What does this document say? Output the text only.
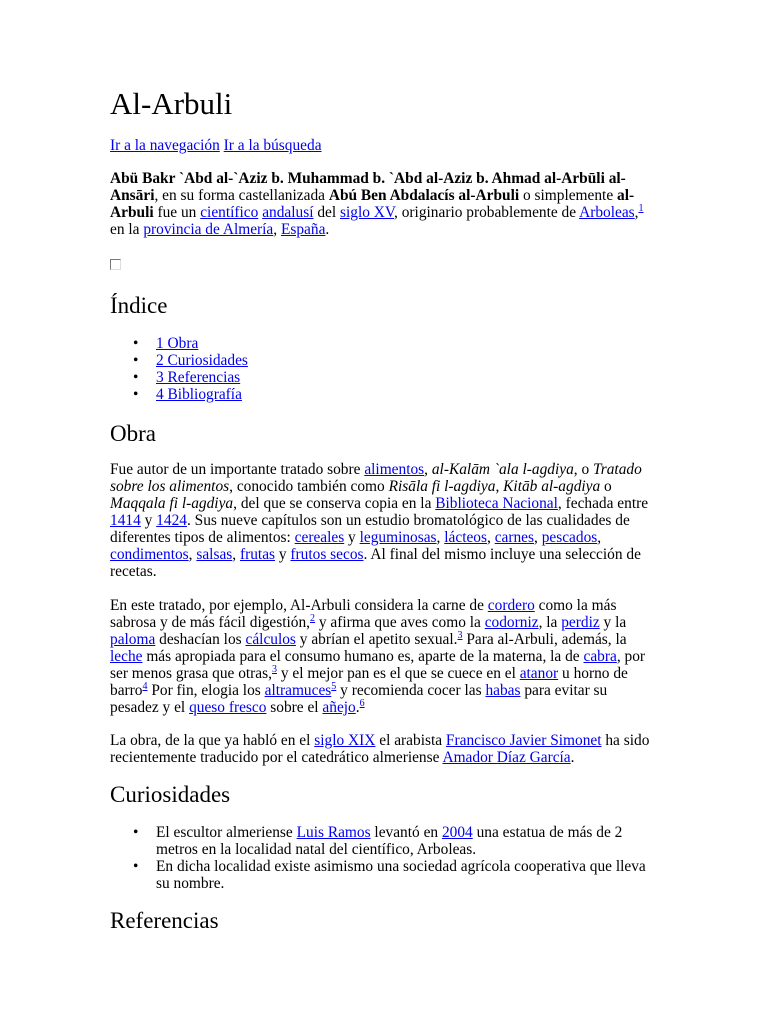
Al-Arbuli

Ir a la navegación Ir a la búsqueda

Abü Bakr `Abd al-`Aziz b. Muhammad b. `Abd al-Aziz b. Ahmad al-Arbūli al-Ansāri, en su forma castellanizada Abú Ben Abdalacís al-Arbuli o simplemente al-Arbuli fue un científico andalusí del siglo XV, originario probablemente de Arboleas,$^1$ en la provincia de Almería, España.

Índice
• 1 Obra
• 2 Curiosidades
• 3 Referencias
• 4 Bibliografía
Obra

Fue autor de un importante tratado sobre alimentos, al-Kalām `ala l-agdiya, o Tratado sobre los alimentos, conocido también como Risāla fi l-agdiya, Kitāb al-agdiya o Maqqala fi l-agdiya, del que se conserva copia en la Biblioteca Nacional, fechada entre 1414 y 1424. Sus nueve capítulos son un estudio bromatológico de las cualidades de diferentes tipos de alimentos: cereales y leguminosas, lácteos, carnes, pescados, condimentos, salsas, frutas y frutos secos. Al final del mismo incluye una selección de recetas.

En este tratado, por ejemplo, Al-Arbuli considera la carne de cordero como la más sabrosa y de más fácil digestión,$^2$ y afirma que aves como la codorniz, la perdiz y la paloma deshacían los cálculos y abrían el apetito sexual.$^3$ Para al-Arbuli, además, la leche más apropiada para el consumo humano es, aparte de la materna, la de cabra, por ser menos grasa que otras,$^3$ y el mejor pan es el que se cuece en el atanor u horno de barro$^4$ Por fin, elogia los altramuces$^5$ y recomienda cocer las habas para evitar su pesadez y el queso fresco sobre el añejo.$^6$

La obra, de la que ya habló en el siglo XIX el arabista Francisco Javier Simonet ha sido recientemente traducido por el catedrático almeriense Amador Díaz García.

Curiosidades
• El escultor almeriense Luis Ramos levantó en 2004 una estatua de más de 2 metros en la localidad natal del científico, Arboleas.
• En dicha localidad existe asimismo una sociedad agrícola cooperativa que lleva su nombre.
Referencias
